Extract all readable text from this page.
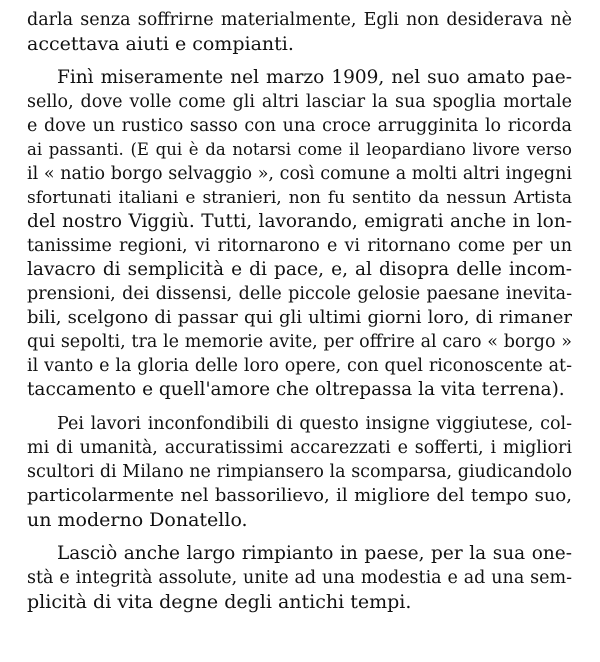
darla senza soffrirne materialmente, Egli non desiderava nè
accettava aiuti e compianti.
Finì miseramente nel marzo 1909, nel suo amato pae-
sello, dove volle come gli altri lasciar la sua spoglia mortale
e dove un rustico sasso con una croce arrugginita lo ricorda
ai passanti. (E qui è da notarsi come il leopardiano livore verso
il « natio borgo selvaggio », così comune a molti altri ingegni
sfortunati italiani e stranieri, non fu sentito da nessun Artista
del nostro Viggiù. Tutti, lavorando, emigrati anche in lon-
tanissime regioni, vi ritornarono e vi ritornano come per un
lavacro di semplicità e di pace, e, al disopra delle incom-
prensioni, dei dissensi, delle piccole gelosie paesane inevita-
bili, scelgono di passar qui gli ultimi giorni loro, di rimaner
qui sepolti, tra le memorie avite, per offrire al caro « borgo »
il vanto e la gloria delle loro opere, con quel riconoscente at-
taccamento e quell'amore che oltrepassa la vita terrena).
Pei lavori inconfondibili di questo insigne viggiutese, col-
mi di umanità, accuratissimi accarezzati e sofferti, i migliori
scultori di Milano ne rimpiansero la scomparsa, giudicandolo
particolarmente nel bassorilievo, il migliore del tempo suo,
un moderno Donatello.
Lasciò anche largo rimpianto in paese, per la sua one-
stà e integrità assolute, unite ad una modestia e ad una sem-
plicità di vita degne degli antichi tempi.
